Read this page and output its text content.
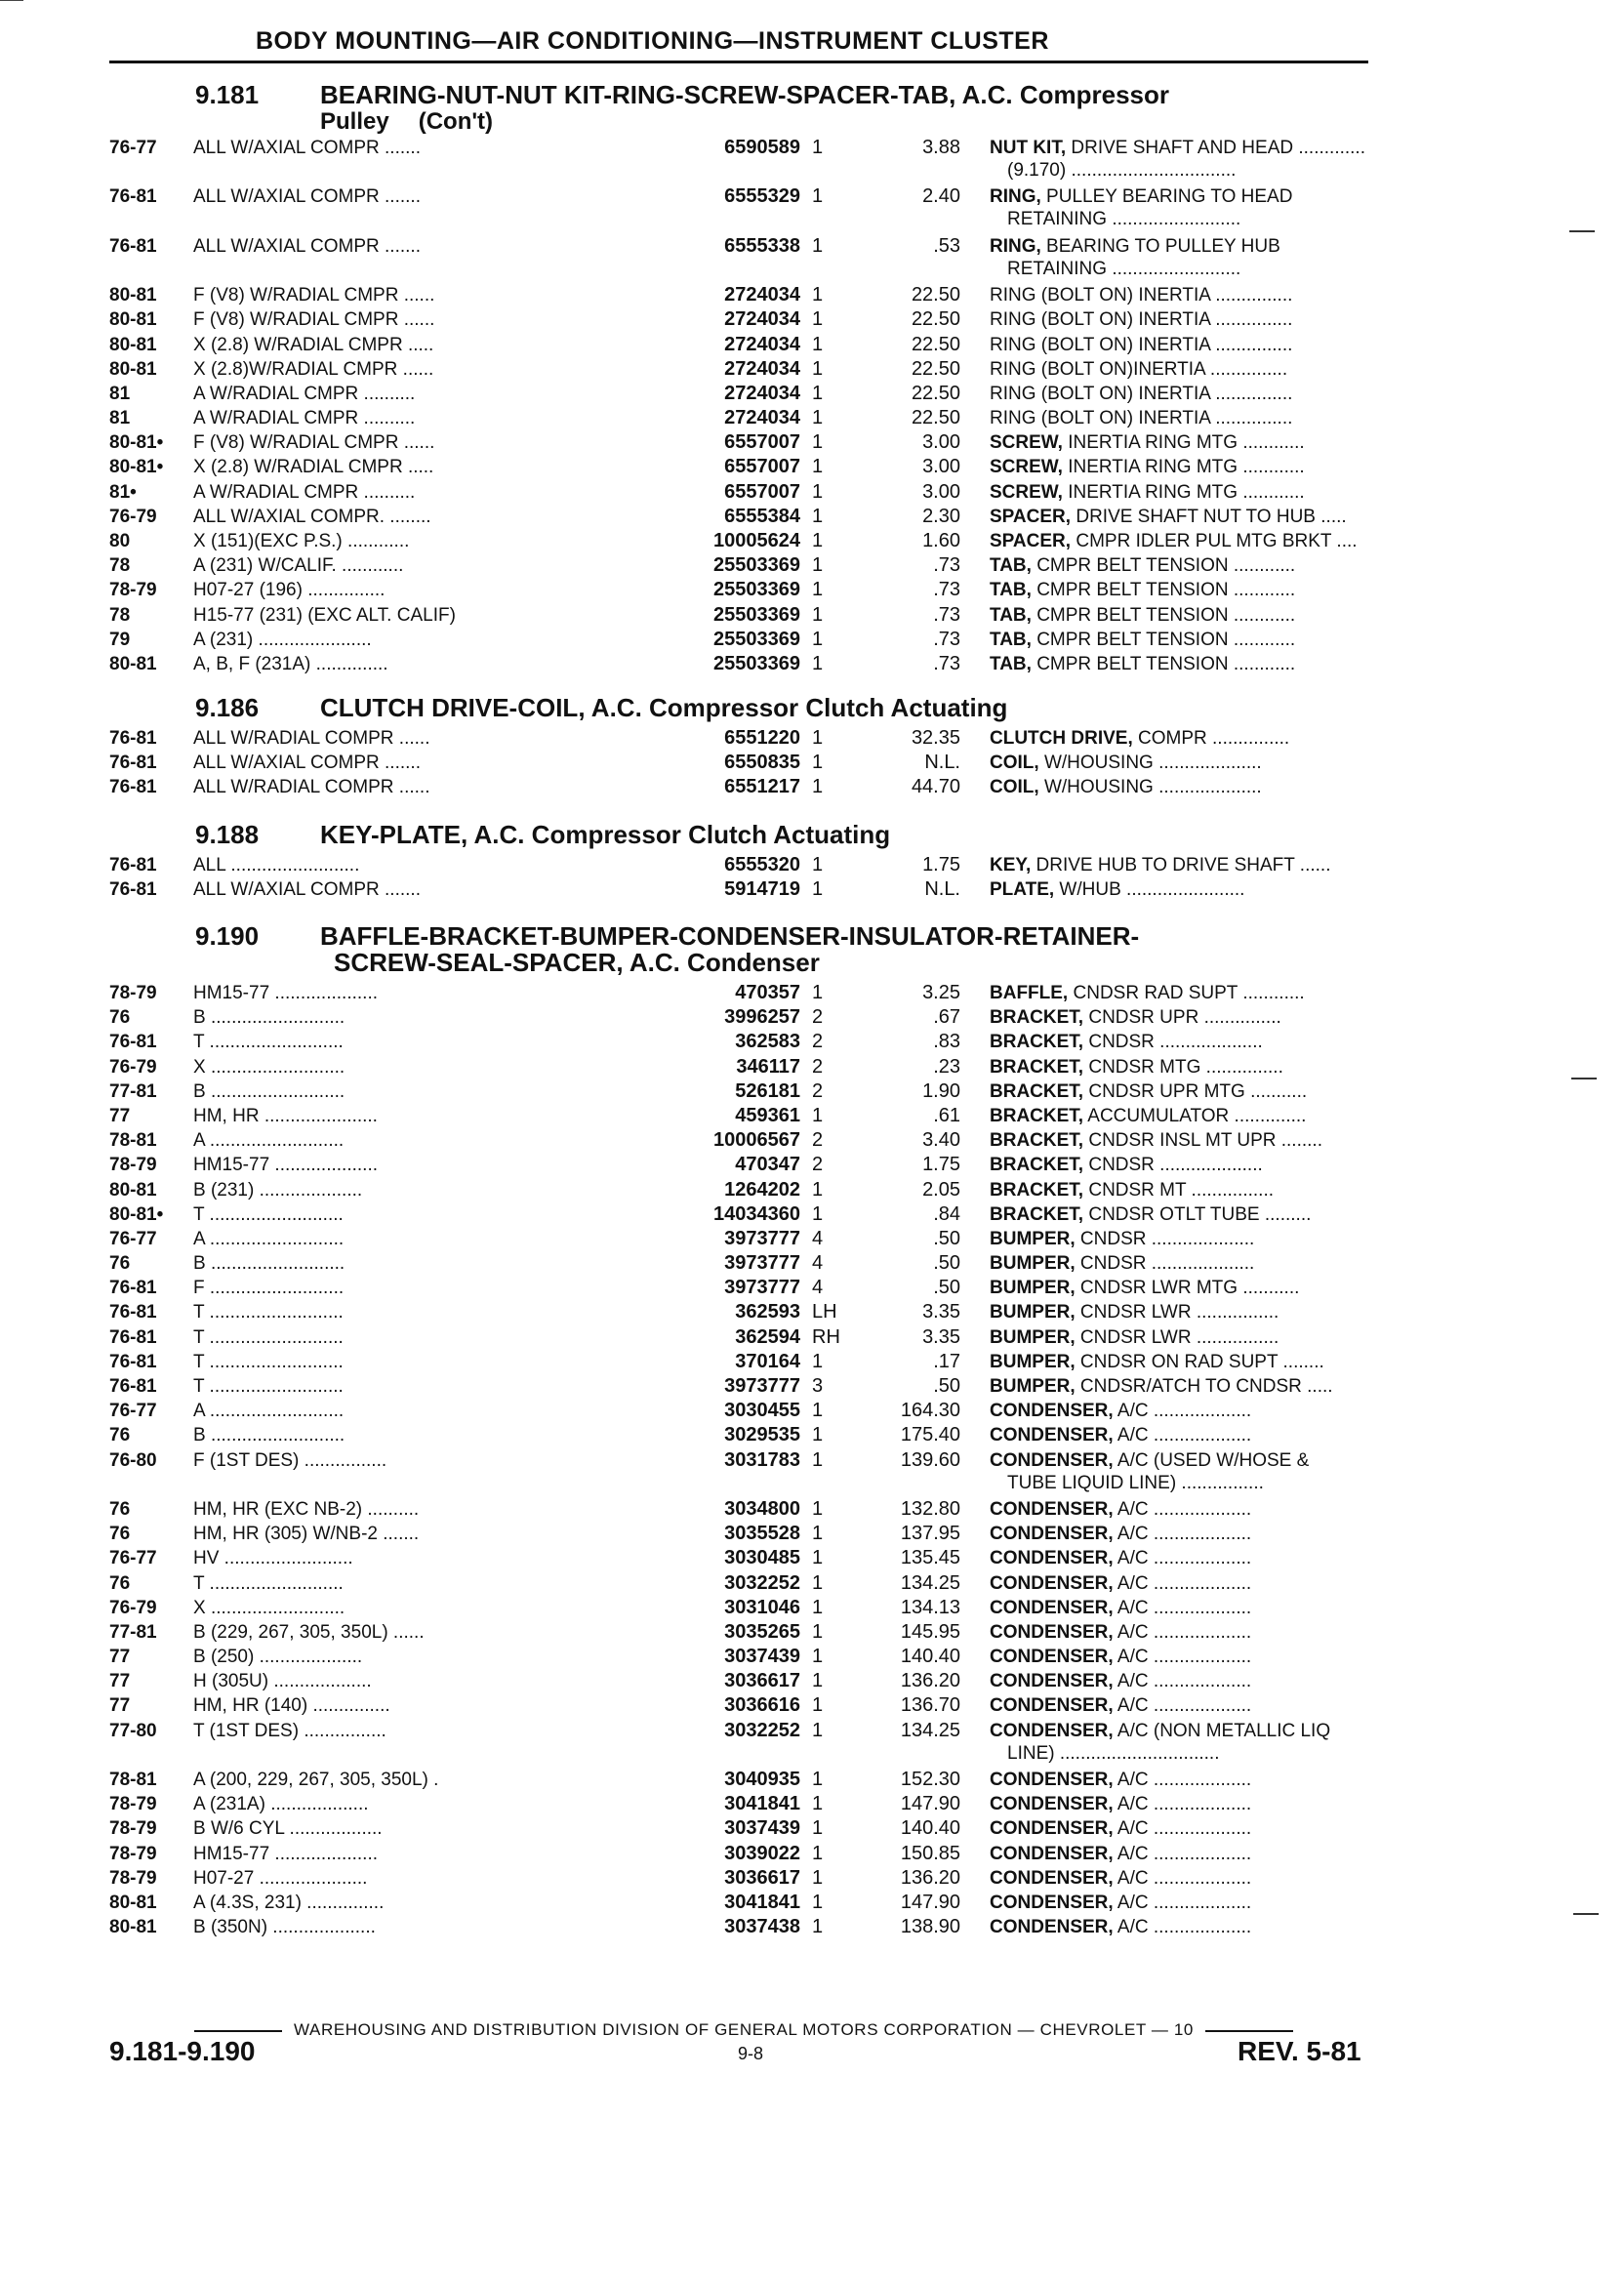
BODY MOUNTING—AIR CONDITIONING—INSTRUMENT CLUSTER
9.181 BEARING-NUT-NUT KIT-RING-SCREW-SPACER-TAB, A.C. Compressor
Pulley (Con't)
76-77	ALL W/AXIAL COMPR .......	6590589 1	3.88 NUT KIT, DRIVE SHAFT AND HEAD .............
(9.170) ................................
76-81	ALL W/AXIAL COMPR .......	6555329 1	2.40 RING, PULLEY BEARING TO HEAD
RETAINING .........................
76-81	ALL W/AXIAL COMPR .......	6555338 1	.53 RING, BEARING TO PULLEY HUB
RETAINING .........................
80-81	F (V8) W/RADIAL CMPR ......	2724034 1	22.50 RING (BOLT ON) INERTIA ...............
80-81	F (V8) W/RADIAL CMPR ......	2724034 1	22.50 RING (BOLT ON) INERTIA ...............
80-81	X (2.8) W/RADIAL CMPR .....	2724034 1	22.50 RING (BOLT ON) INERTIA ...............
80-81	X (2.8)W/RADIAL CMPR ......	2724034 1	22.50 RING (BOLT ON)INERTIA ...............
81	A W/RADIAL CMPR ..........	2724034 1	22.50 RING (BOLT ON) INERTIA ...............
81	A W/RADIAL CMPR ..........	2724034 1	22.50 RING (BOLT ON) INERTIA ...............
80-81•	F (V8) W/RADIAL CMPR ......	6557007 1	3.00 SCREW, INERTIA RING MTG ............
80-81•	X (2.8) W/RADIAL CMPR .....	6557007 1	3.00 SCREW, INERTIA RING MTG ............
81•	A W/RADIAL CMPR ..........	6557007 1	3.00 SCREW, INERTIA RING MTG ............
76-79	ALL W/AXIAL COMPR. ........	6555384 1	2.30 SPACER, DRIVE SHAFT NUT TO HUB .....
80	X (151)(EXC P.S.) ............	10005624 1	1.60 SPACER, CMPR IDLER PUL MTG BRKT ....
78	A (231) W/CALIF. ............	25503369 1	.73 TAB, CMPR BELT TENSION ............
78-79	H07-27 (196) ...............	25503369 1	.73 TAB, CMPR BELT TENSION ............
78	H15-77 (231) (EXC ALT. CALIF)	25503369 1	.73 TAB, CMPR BELT TENSION ............
79	A (231) ......................	25503369 1	.73 TAB, CMPR BELT TENSION ............
80-81	A, B, F (231A) ..............	25503369 1	.73 TAB, CMPR BELT TENSION ............
9.186 CLUTCH DRIVE-COIL, A.C. Compressor Clutch Actuating
76-81	ALL W/RADIAL COMPR ......	6551220 1	32.35 CLUTCH DRIVE, COMPR ...............
76-81	ALL W/AXIAL COMPR .......	6550835 1	N.L. COIL, W/HOUSING ....................
76-81	ALL W/RADIAL COMPR ......	6551217 1	44.70 COIL, W/HOUSING ....................
9.188 KEY-PLATE, A.C. Compressor Clutch Actuating
76-81	ALL .........................	6555320 1	1.75 KEY, DRIVE HUB TO DRIVE SHAFT ......
76-81	ALL W/AXIAL COMPR .......	5914719 1	N.L. PLATE, W/HUB .......................
9.190 BAFFLE-BRACKET-BUMPER-CONDENSER-INSULATOR-RETAINER-
SCREW-SEAL-SPACER, A.C. Condenser
78-79	HM15-77 ....................	470357 1	3.25 BAFFLE, CNDSR RAD SUPT ............
76	B ..........................	3996257 2	.67 BRACKET, CNDSR UPR ...............
76-81	T ..........................	362583 2	.83 BRACKET, CNDSR ....................
76-79	X ..........................	346117 2	.23 BRACKET, CNDSR MTG ...............
77-81	B ..........................	526181 2	1.90 BRACKET, CNDSR UPR MTG ...........
77	HM, HR ......................	459361 1	.61 BRACKET, ACCUMULATOR ..............
78-81	A ..........................	10006567 2	3.40 BRACKET, CNDSR INSL MT UPR ........
78-79	HM15-77 ....................	470347 2	1.75 BRACKET, CNDSR ....................
80-81	B (231) ....................	1264202 1	2.05 BRACKET, CNDSR MT ................
80-81•	T ..........................	14034360 1	.84 BRACKET, CNDSR OTLT TUBE .........
76-77	A ..........................	3973777 4	.50 BUMPER, CNDSR ....................
76	B ..........................	3973777 4	.50 BUMPER, CNDSR ....................
76-81	F ..........................	3973777 4	.50 BUMPER, CNDSR LWR MTG ...........
76-81	T ..........................	362593 LH	3.35 BUMPER, CNDSR LWR ................
76-81	T ..........................	362594 RH	3.35 BUMPER, CNDSR LWR ................
76-81	T ..........................	370164 1	.17 BUMPER, CNDSR ON RAD SUPT ........
76-81	T ..........................	3973777 3	.50 BUMPER, CNDSR/ATCH TO CNDSR .....
76-77	A ..........................	3030455 1	164.30 CONDENSER, A/C ...................
76	B ..........................	3029535 1	175.40 CONDENSER, A/C ...................
76-80	F (1ST DES) ................	3031783 1	139.60 CONDENSER, A/C (USED W/HOSE &
TUBE LIQUID LINE) ................
76	HM, HR (EXC NB-2) ..........	3034800 1	132.80 CONDENSER, A/C ...................
76	HM, HR (305) W/NB-2 .......	3035528 1	137.95 CONDENSER, A/C ...................
76-77	HV .........................	3030485 1	135.45 CONDENSER, A/C ...................
76	T ..........................	3032252 1	134.25 CONDENSER, A/C ...................
76-79	X ..........................	3031046 1	134.13 CONDENSER, A/C ...................
77-81	B (229, 267, 305, 350L) ......	3035265 1	145.95 CONDENSER, A/C ...................
77	B (250) ....................	3037439 1	140.40 CONDENSER, A/C ...................
77	H (305U) ...................	3036617 1	136.20 CONDENSER, A/C ...................
77	HM, HR (140) ...............	3036616 1	136.70 CONDENSER, A/C ...................
77-80	T (1ST DES) ................	3032252 1	134.25 CONDENSER, A/C (NON METALLIC LIQ
LINE) ...............................
78-81	A (200, 229, 267, 305, 350L) .	3040935 1	152.30 CONDENSER, A/C ...................
78-79	A (231A) ...................	3041841 1	147.90 CONDENSER, A/C ...................
78-79	B W/6 CYL ..................	3037439 1	140.40 CONDENSER, A/C ...................
78-79	HM15-77 ....................	3039022 1	150.85 CONDENSER, A/C ...................
78-79	H07-27 .....................	3036617 1	136.20 CONDENSER, A/C ...................
80-81	A (4.3S, 231) ...............	3041841 1	147.90 CONDENSER, A/C ...................
80-81	B (350N) ....................	3037438 1	138.90 CONDENSER, A/C ...................
WAREHOUSING AND DISTRIBUTION DIVISION OF GENERAL MOTORS CORPORATION — CHEVROLET — 10
9.181-9.190	9-8	REV. 5-81
